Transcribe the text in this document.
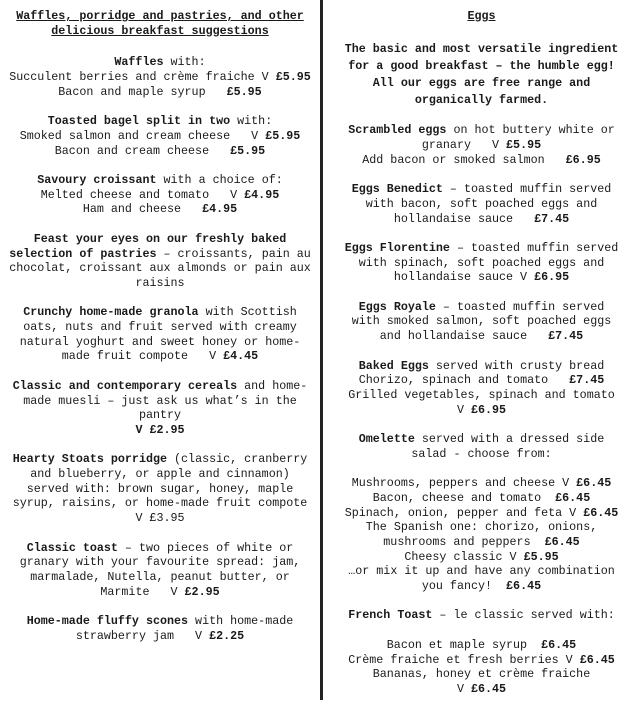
Waffles, porridge and pastries, and other
delicious breakfast suggestions
Waffles with:
Succulent berries and crème fraiche V £5.95
Bacon and maple syrup   £5.95
Toasted bagel split in two with:
Smoked salmon and cream cheese   V £5.95
Bacon and cream cheese   £5.95
Savoury croissant with a choice of:
Melted cheese and tomato   V £4.95
Ham and cheese   £4.95
Feast your eyes on our freshly baked
selection of pastries – croissants, pain au
chocolat, croissant aux almonds or pain aux
raisins
Crunchy home-made granola with Scottish
oats, nuts and fruit served with creamy
natural yoghurt and sweet honey or home-
made fruit compote   V £4.45
Classic and contemporary cereals and home-
made muesli – just ask us what’s in the
pantry
V £2.95
Hearty Stoats porridge (classic, cranberry
and blueberry, or apple and cinnamon)
served with: brown sugar, honey, maple
syrup, raisins, or home-made fruit compote
V £3.95
Classic toast – two pieces of white or
granary with your favourite spread: jam,
marmalade, Nutella, peanut butter, or
Marmite   V £2.95
Home-made fluffy scones with home-made
strawberry jam   V £2.25
Eggs
The basic and most versatile ingredient
for a good breakfast – the humble egg!
All our eggs are free range and
organically farmed.
Scrambled eggs on hot buttery white or
granary   V £5.95
Add bacon or smoked salmon   £6.95
Eggs Benedict – toasted muffin served
with bacon, soft poached eggs and
hollandaise sauce   £7.45
Eggs Florentine – toasted muffin served
with spinach, soft poached eggs and
hollandaise sauce V £6.95
Eggs Royale – toasted muffin served
with smoked salmon, soft poached eggs
and hollandaise sauce   £7.45
Baked Eggs served with crusty bread
Chorizo, spinach and tomato   £7.45
Grilled vegetables, spinach and tomato
V £6.95
Omelette served with a dressed side
salad - choose from:
Mushrooms, peppers and cheese V £6.45
Bacon, cheese and tomato  £6.45
Spinach, onion, pepper and feta V £6.45
The Spanish one: chorizo, onions,
mushrooms and peppers  £6.45
Cheesy classic V £5.95
…or mix it up and have any combination
you fancy!  £6.45
French Toast – le classic served with:
Bacon et maple syrup  £6.45
Crème fraiche et fresh berries V £6.45
Bananas, honey et crème fraiche
V £6.45
